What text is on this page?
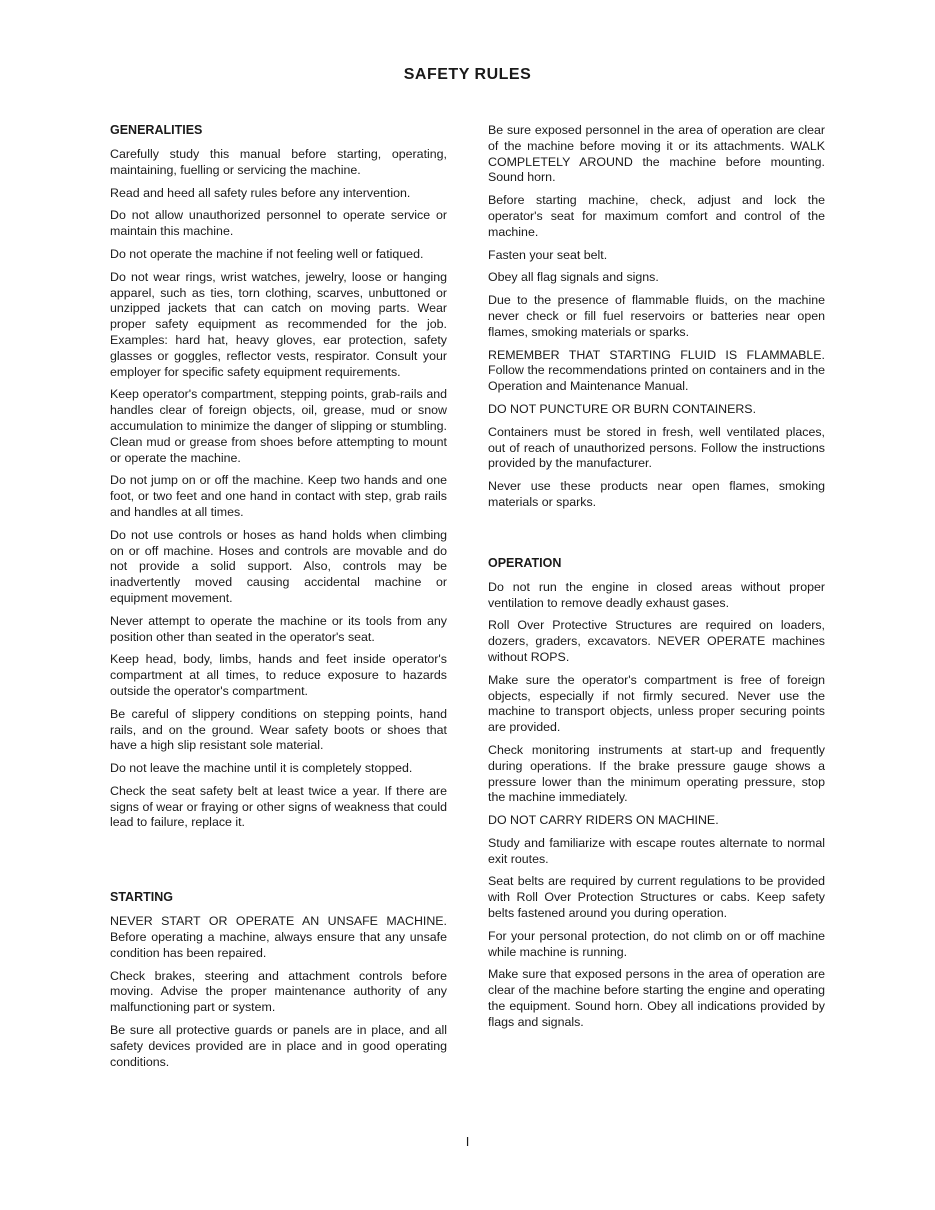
SAFETY RULES
GENERALITIES

Carefully study this manual before starting, operating, maintaining, fuelling or servicing the machine.

Read and heed all safety rules before any intervention.

Do not allow unauthorized personnel to operate service or maintain this machine.

Do not operate the machine if not feeling well or fatiqued.

Do not wear rings, wrist watches, jewelry, loose or hanging apparel, such as ties, torn clothing, scarves, unbuttoned or unzipped jackets that can catch on moving parts. Wear proper safety equipment as recommended for the job. Examples: hard hat, heavy gloves, ear protection, safety glasses or goggles, reflector vests, respirator. Consult your employer for specific safety equipment requirements.

Keep operator's compartment, stepping points, grab-rails and handles clear of foreign objects, oil, grease, mud or snow accumulation to minimize the danger of slipping or stumbling. Clean mud or grease from shoes before attempting to mount or operate the machine.

Do not jump on or off the machine. Keep two hands and one foot, or two feet and one hand in contact with step, grab rails and handles at all times.

Do not use controls or hoses as hand holds when climbing on or off machine. Hoses and controls are movable and do not provide a solid support. Also, controls may be inadvertently moved causing accidental machine or equipment movement.

Never attempt to operate the machine or its tools from any position other than seated in the operator's seat.

Keep head, body, limbs, hands and feet inside operator's compartment at all times, to reduce exposure to hazards outside the operator's compartment.

Be careful of slippery conditions on stepping points, hand rails, and on the ground. Wear safety boots or shoes that have a high slip resistant sole material.

Do not leave the machine until it is completely stopped.

Check the seat safety belt at least twice a year. If there are signs of wear or fraying or other signs of weakness that could lead to failure, replace it.

STARTING

NEVER START OR OPERATE AN UNSAFE MACHINE. Before operating a machine, always ensure that any unsafe condition has been repaired.

Check brakes, steering and attachment controls before moving. Advise the proper maintenance authority of any malfunctioning part or system.

Be sure all protective guards or panels are in place, and all safety devices provided are in place and in good operating conditions.

Be sure exposed personnel in the area of operation are clear of the machine before moving it or its attachments. WALK COMPLETELY AROUND the machine before mounting. Sound horn.

Before starting machine, check, adjust and lock the operator's seat for maximum comfort and control of the machine.

Fasten your seat belt.

Obey all flag signals and signs.

Due to the presence of flammable fluids, on the machine never check or fill fuel reservoirs or batteries near open flames, smoking materials or sparks.

REMEMBER THAT STARTING FLUID IS FLAMMABLE. Follow the recommendations printed on containers and in the Operation and Maintenance Manual.

DO NOT PUNCTURE OR BURN CONTAINERS.

Containers must be stored in fresh, well ventilated places, out of reach of unauthorized persons. Follow the instructions provided by the manufacturer.

Never use these products near open flames, smoking materials or sparks.

OPERATION

Do not run the engine in closed areas without proper ventilation to remove deadly exhaust gases.

Roll Over Protective Structures are required on loaders, dozers, graders, excavators. NEVER OPERATE machines without ROPS.

Make sure the operator's compartment is free of foreign objects, especially if not firmly secured. Never use the machine to transport objects, unless proper securing points are provided.

Check monitoring instruments at start-up and frequently during operations. If the brake pressure gauge shows a pressure lower than the minimum operating pressure, stop the machine immediately.

DO NOT CARRY RIDERS ON MACHINE.

Study and familiarize with escape routes alternate to normal exit routes.

Seat belts are required by current regulations to be provided with Roll Over Protection Structures or cabs. Keep safety belts fastened around you during operation.

For your personal protection, do not climb on or off machine while machine is running.

Make sure that exposed persons in the area of operation are clear of the machine before starting the engine and operating the equipment. Sound horn. Obey all indications provided by flags and signals.

I
